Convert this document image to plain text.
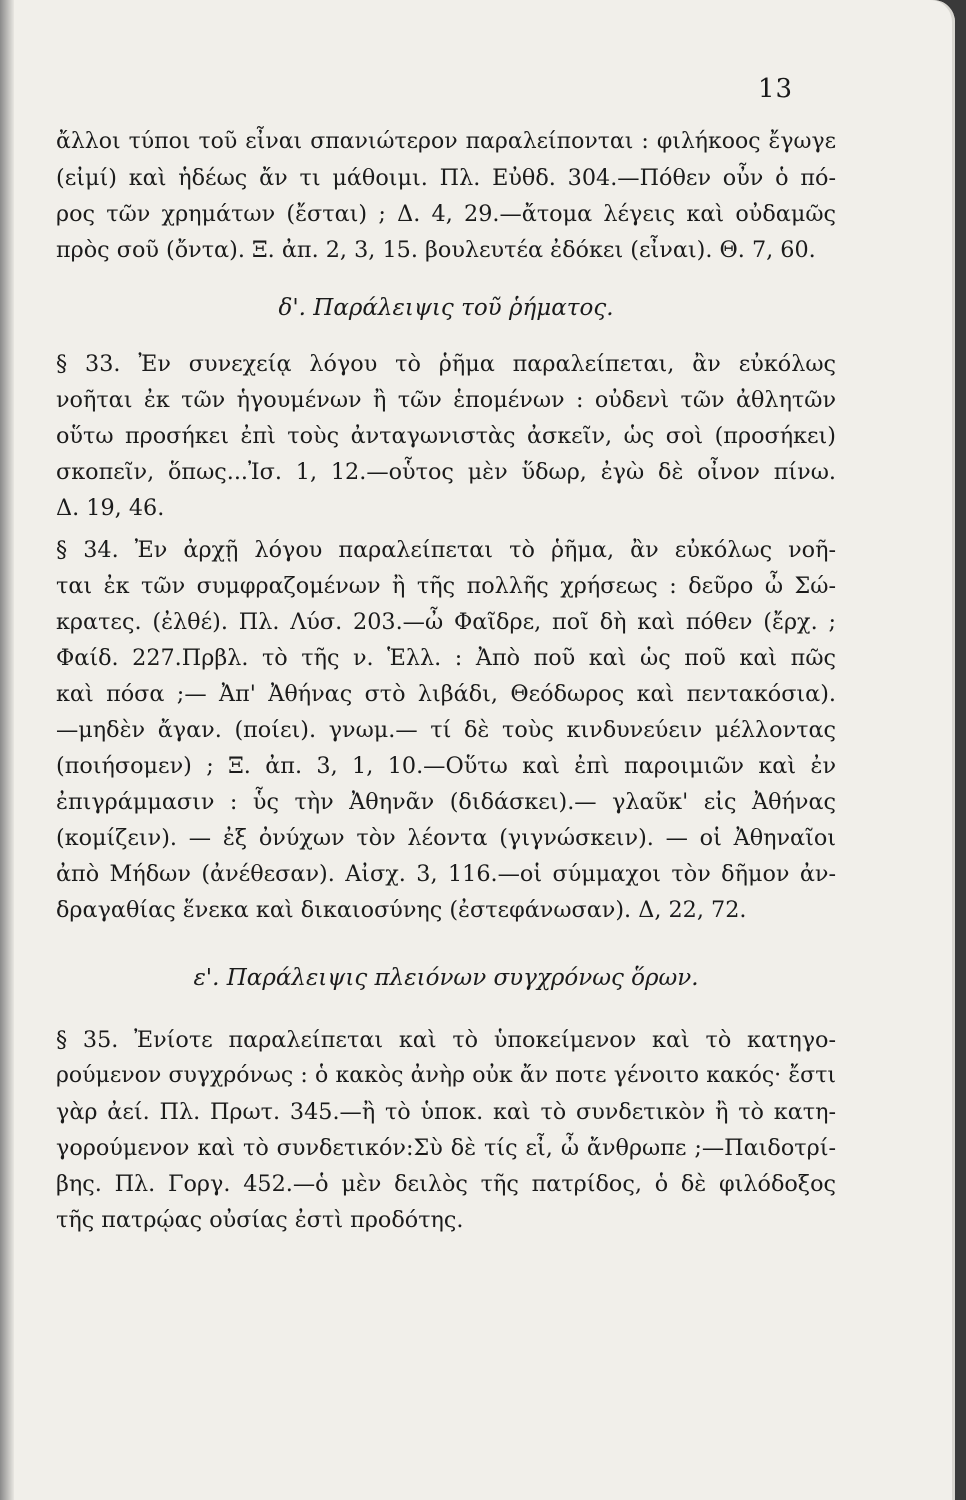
13
ἄλλοι τύποι τοῦ εἶναι σπανιώτερον παραλείπονται : φιλήκοος ἔγωγε
(εἰμί) καὶ ἡδέως ἄν τι μάθοιμι. Πλ. Εὐθδ. 304.—Πόθεν οὖν ὁ πό-
ρος τῶν χρημάτων (ἔσται) ; Δ. 4, 29.—ἄτομα λέγεις καὶ οὐδαμῶς
πρὸς σοῦ (ὄντα). Ξ. ἀπ. 2, 3, 15. βουλευτέα ἐδόκει (εἶναι). Θ. 7, 60.
δ'. Παράλειψις τοῦ ῥήματος.
§ 33. Ἐν συνεχείᾳ λόγου τὸ ῥῆμα παραλείπεται, ἂν εὐκόλως
νοῆται ἐκ τῶν ἡγουμένων ἢ τῶν ἑπομένων : οὐδενὶ τῶν ἀθλητῶν
οὕτω προσήκει ἐπὶ τοὺς ἀνταγωνιστὰς ἀσκεῖν, ὡς σοὶ (προσήκει)
σκοπεῖν, ὅπως...Ἰσ. 1, 12.—οὗτος μὲν ὕδωρ, ἐγὼ δὲ οἶνον πίνω.
Δ. 19, 46.
§ 34. Ἐν ἀρχῇ λόγου παραλείπεται τὸ ῥῆμα, ἂν εὐκόλως νοῆ-
ται ἐκ τῶν συμφραζομένων ἢ τῆς πολλῆς χρήσεως : δεῦρο ὦ Σώ-
κρατες. (ἐλθέ). Πλ. Λύσ. 203.—ὦ Φαῖδρε, ποῖ δὴ καὶ πόθεν (ἔρχ. ;
Φαίδ. 227.Πρβλ. τὸ τῆς ν. Ἑλλ. : Ἀπὸ ποῦ καὶ ὡς ποῦ καὶ πῶς
καὶ πόσα ;— Ἀπ' Ἀθήνας στὸ λιβάδι, Θεόδωρος καὶ πεντακόσια).
—μηδὲν ἄγαν. (ποίει). γνωμ.— τί δὲ τοὺς κινδυνεύειν μέλλοντας
(ποιήσομεν) ; Ξ. ἀπ. 3, 1, 10.—Οὕτω καὶ ἐπὶ παροιμιῶν καὶ ἐν
ἐπιγράμμασιν : ὗς τὴν Ἀθηνᾶν (διδάσκει).— γλαῦκ' εἰς Ἀθήνας
(κομίζειν). — ἐξ ὀνύχων τὸν λέοντα (γιγνώσκειν). — οἱ Ἀθηναῖοι
ἀπὸ Μήδων (ἀνέθεσαν). Αἰσχ. 3, 116.—οἱ σύμμαχοι τὸν δῆμον ἀν-
δραγαθίας ἕνεκα καὶ δικαιοσύνης (ἐστεφάνωσαν). Δ, 22, 72.
ε'. Παράλειψις πλειόνων συγχρόνως ὅρων.
§ 35. Ἐνίοτε παραλείπεται καὶ τὸ ὑποκείμενον καὶ τὸ κατηγο-
ρούμενον συγχρόνως : ὁ κακὸς ἀνὴρ οὐκ ἄν ποτε γένοιτο κακός· ἔστι
γὰρ ἀεί. Πλ. Πρωτ. 345.—ἢ τὸ ὑποκ. καὶ τὸ συνδετικὸν ἢ τὸ κατη-
γορούμενον καὶ τὸ συνδετικόν:Σὺ δὲ τίς εἶ, ὦ ἄνθρωπε ;—Παιδοτρί-
βης. Πλ. Γοργ. 452.—ὁ μὲν δειλὸς τῆς πατρίδος, ὁ δὲ φιλόδοξος
τῆς πατρῴας οὐσίας ἐστὶ προδότης.
